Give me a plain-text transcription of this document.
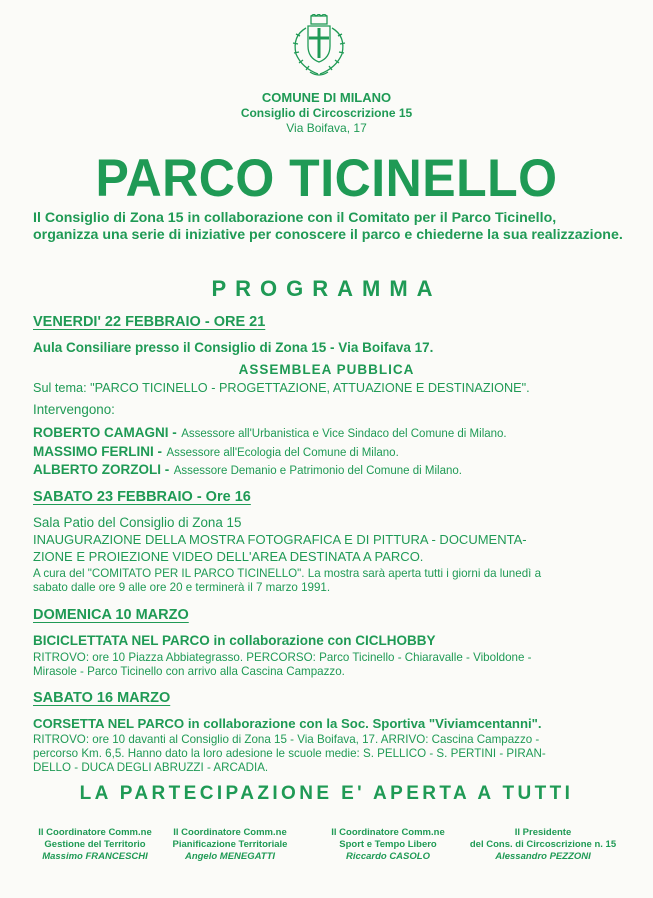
COMUNE DI MILANO
Consiglio di Circoscrizione 15
Via Boifava, 17
PARCO TICINELLO
Il Consiglio di Zona 15 in collaborazione con il Comitato per il Parco Ticinello, organizza una serie di iniziative per conoscere il parco e chiederne la sua realizzazione.
PROGRAMMA
VENERDI' 22 FEBBRAIO - ORE 21
Aula Consiliare presso il Consiglio di Zona 15 - Via Boifava 17.
ASSEMBLEA PUBBLICA
Sul tema: "PARCO TICINELLO - PROGETTAZIONE, ATTUAZIONE E DESTINAZIONE".
Intervengono:
ROBERTO CAMAGNI - Assessore all'Urbanistica e Vice Sindaco del Comune di Milano.
MASSIMO FERLINI - Assessore all'Ecologia del Comune di Milano.
ALBERTO ZORZOLI - Assessore Demanio e Patrimonio del Comune di Milano.
SABATO 23 FEBBRAIO - Ore 16
Sala Patio del Consiglio di Zona 15
INAUGURAZIONE DELLA MOSTRA FOTOGRAFICA E DI PITTURA - DOCUMENTA-
ZIONE E PROIEZIONE VIDEO DELL'AREA DESTINATA A PARCO.
A cura del "COMITATO PER IL PARCO TICINELLO". La mostra sarà aperta tutti i giorni da lunedì a
sabato dalle ore 9 alle ore 20 e terminerà il 7 marzo 1991.
DOMENICA 10 MARZO
BICICLETTATA NEL PARCO in collaborazione con CICLHOBBY
RITROVO: ore 10 Piazza Abbiategrasso. PERCORSO: Parco Ticinello - Chiaravalle - Viboldone -
Mirasole - Parco Ticinello con arrivo alla Cascina Campazzo.
SABATO 16 MARZO
CORSETTA NEL PARCO in collaborazione con la Soc. Sportiva "Viviamcentanni".
RITROVO: ore 10 davanti al Consiglio di Zona 15 - Via Boifava, 17. ARRIVO: Cascina Campazzo -
percorso Km. 6,5. Hanno dato la loro adesione le scuole medie: S. PELLICO - S. PERTINI - PIRAN-
DELLO - DUCA DEGLI ABRUZZI - ARCADIA.
LA PARTECIPAZIONE E' APERTA A TUTTI
Il Coordinatore Comm.ne
Gestione del Territorio
Massimo FRANCESCHI
Il Coordinatore Comm.ne
Pianificazione Territoriale
Angelo MENEGATTI
Il Coordinatore Comm.ne
Sport e Tempo Libero
Riccardo CASOLO
Il Presidente
del Cons. di Circoscrizione n. 15
Alessandro PEZZONI
